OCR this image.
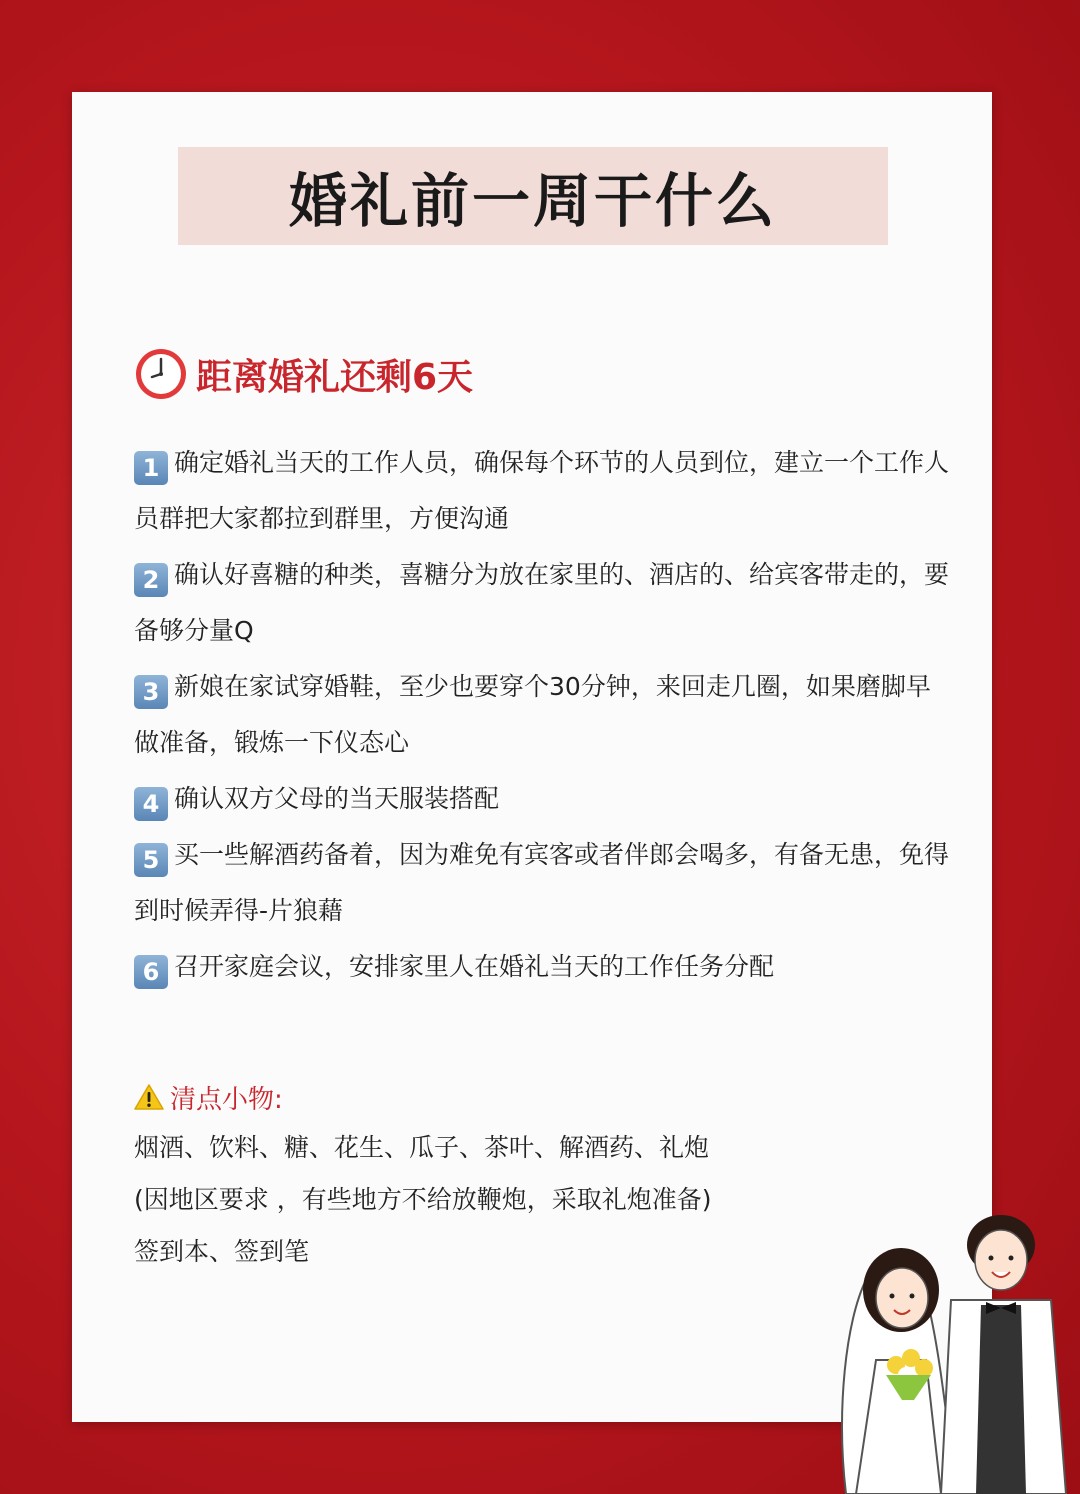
婚礼前一周干什么
距离婚礼还剩6天
1 确定婚礼当天的工作人员，确保每个环节的人员到位，建立一个工作人员群把大家都拉到群里，方便沟通
2 确认好喜糖的种类，喜糖分为放在家里的、酒店的、给宾客带走的，要备够分量Q
3 新娘在家试穿婚鞋，至少也要穿个30分钟，来回走几圈，如果磨脚早做准备，锻炼一下仪态心
4 确认双方父母的当天服装搭配
5 买一些解酒药备着，因为难免有宾客或者伴郎会喝多，有备无患，免得到时候弄得-片狼藉
6 召开家庭会议，安排家里人在婚礼当天的工作任务分配
清点小物:
烟酒、饮料、糖、花生、瓜子、茶叶、解酒药、礼炮
(因地区要求 ，有些地方不给放鞭炮，采取礼炮准备)
签到本、签到笔
